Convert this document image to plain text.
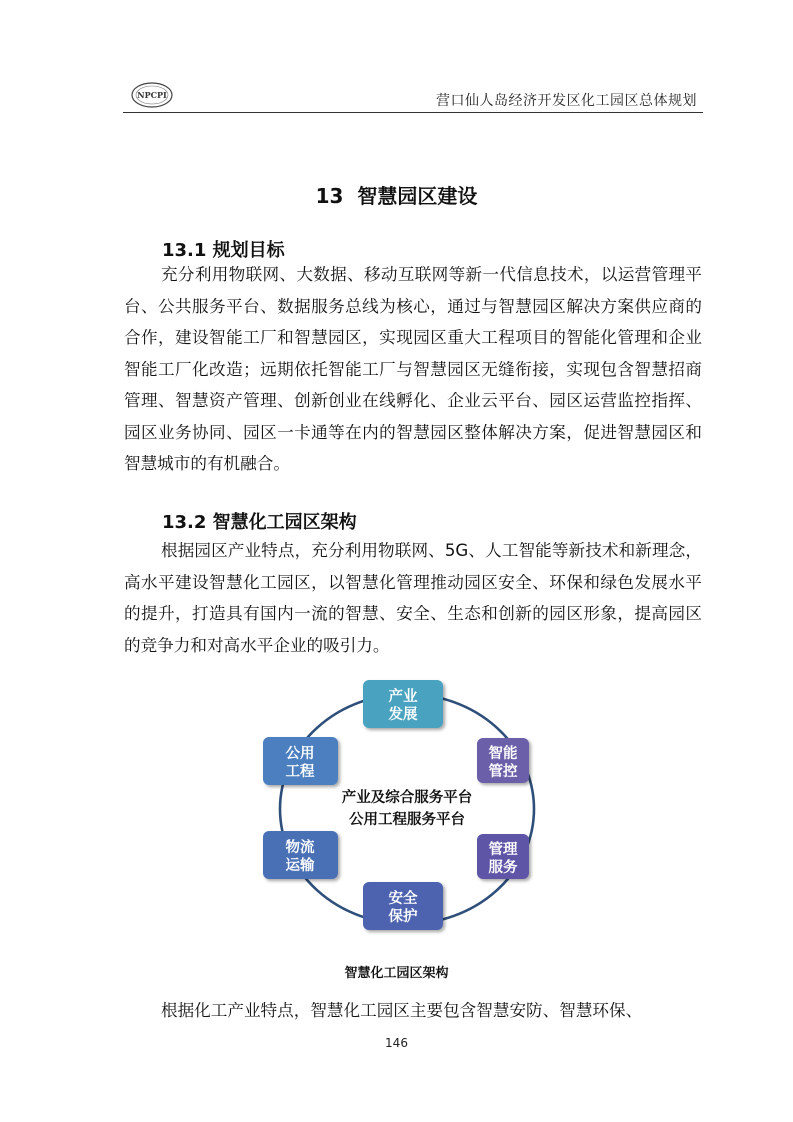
NPCPI	营口仙人岛经济开发区化工园区总体规划
13  智慧园区建设
13.1 规划目标

充分利用物联网、大数据、移动互联网等新一代信息技术，以运营管理平台、公共服务平台、数据服务总线为核心，通过与智慧园区解决方案供应商的合作，建设智能工厂和智慧园区，实现园区重大工程项目的智能化管理和企业智能工厂化改造；远期依托智能工厂与智慧园区无缝衔接，实现包含智慧招商管理、智慧资产管理、创新创业在线孵化、企业云平台、园区运营监控指挥、园区业务协同、园区一卡通等在内的智慧园区整体解决方案，促进智慧园区和智慧城市的有机融合。

13.2 智慧化工园区架构

根据园区产业特点，充分利用物联网、5G、人工智能等新技术和新理念，高水平建设智慧化工园区，以智慧化管理推动园区安全、环保和绿色发展水平的提升，打造具有国内一流的智慧、安全、生态和创新的园区形象，提高园区的竞争力和对高水平企业的吸引力。

产业及综合服务平台
公用工程服务平台
产业
发展
智能
管控
管理
服务
安全
保护
物流
运输
公用
工程
智慧化工园区架构

根据化工产业特点，智慧化工园区主要包含智慧安防、智慧环保、

146
